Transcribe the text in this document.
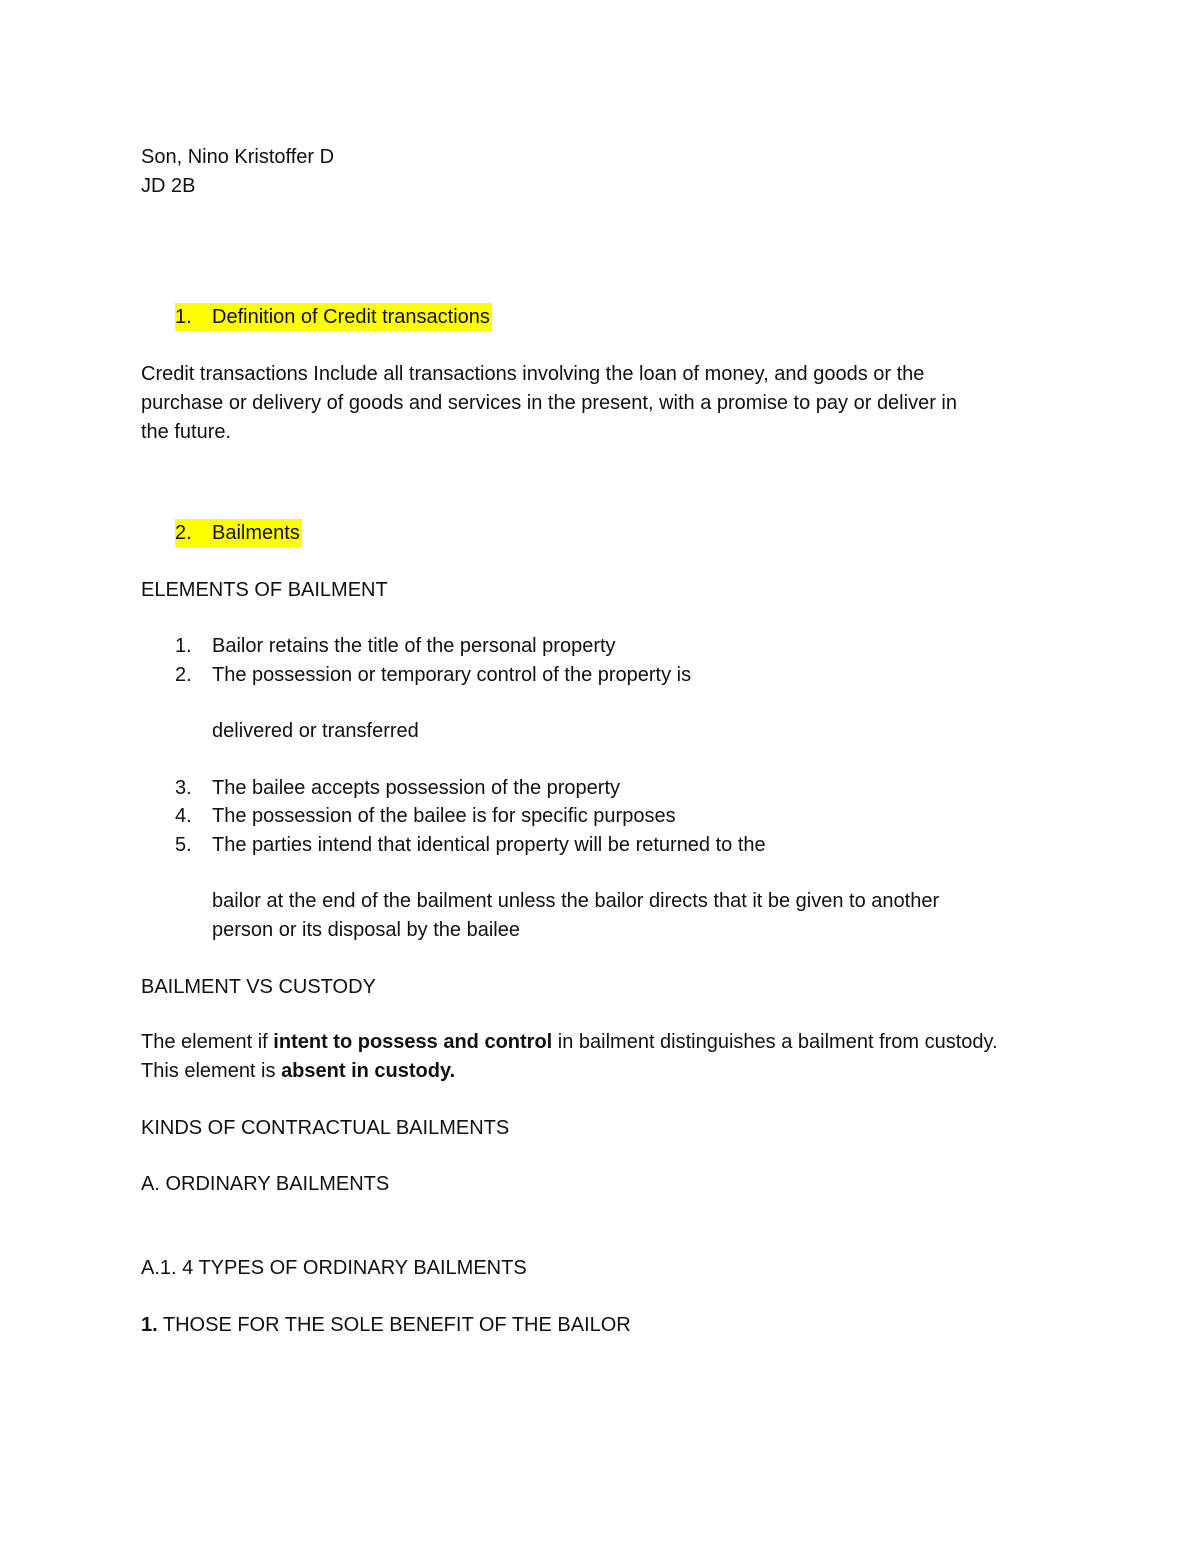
Son, Nino Kristoffer D
JD 2B
1. Definition of Credit transactions
Credit transactions Include all transactions involving the loan of money, and goods or the
purchase or delivery of goods and services in the present, with a promise to pay or deliver in
the future.
2. Bailments
ELEMENTS OF BAILMENT
1. Bailor retains the title of the personal property
2. The possession or temporary control of the property is
delivered or transferred
3. The bailee accepts possession of the property
4. The possession of the bailee is for specific purposes
5. The parties intend that identical property will be returned to the
bailor at the end of the bailment unless the bailor directs that it be given to another
person or its disposal by the bailee
BAILMENT VS CUSTODY
The element if intent to possess and control in bailment distinguishes a bailment from custody.
This element is absent in custody.
KINDS OF CONTRACTUAL BAILMENTS
A. ORDINARY BAILMENTS
A.1. 4 TYPES OF ORDINARY BAILMENTS
1. THOSE FOR THE SOLE BENEFIT OF THE BAILOR
